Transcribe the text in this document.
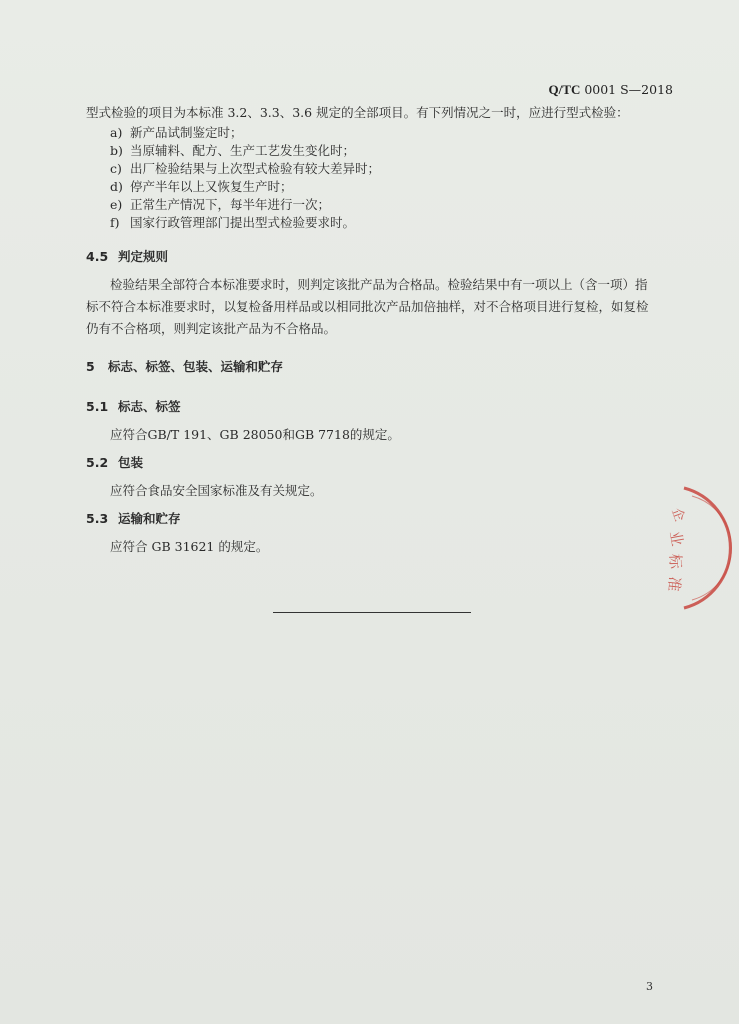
Q/TC 0001 S—2018

型式检验的项目为本标准 3.2、3.3、3.6 规定的全部项目。有下列情况之一时，应进行型式检验：

a) 新产品试制鉴定时；
b) 当原辅料、配方、生产工艺发生变化时；
c) 出厂检验结果与上次型式检验有较大差异时；
d) 停产半年以上又恢复生产时；
e) 正常生产情况下，每半年进行一次；
f) 国家行政管理部门提出型式检验要求时。
4.5 判定规则
检验结果全部符合本标准要求时，则判定该批产品为合格品。检验结果中有一项以上（含一项）指
标不符合本标准要求时，以复检备用样品或以相同批次产品加倍抽样，对不合格项目进行复检，如复检
仍有不合格项，则判定该批产品为不合格品。
5 标志、标签、包装、运输和贮存
5.1 标志、标签

应符合GB/T 191、GB 28050和GB 7718的规定。

5.2 包装

应符合食品安全国家标准及有关规定。

5.3 运输和贮存

应符合 GB 31621 的规定。

企
业
标
准
3
